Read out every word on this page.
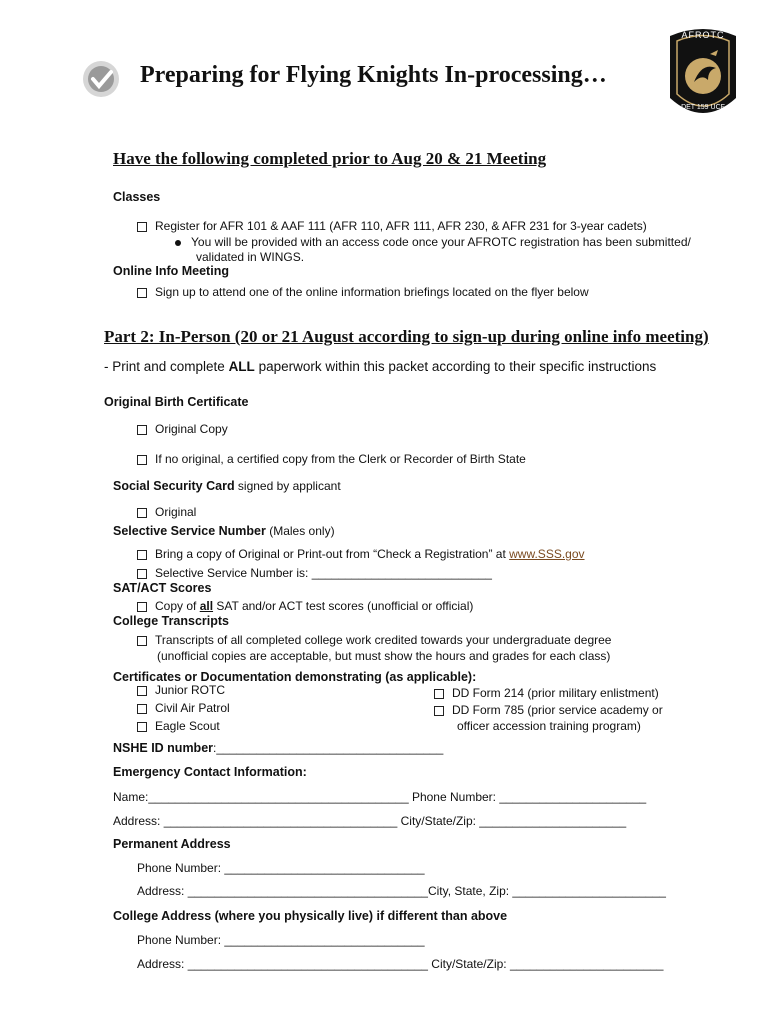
Preparing for Flying Knights In-processing…
AFROTC
DET 159 UCF
Have the following completed prior to Aug 20 & 21 Meeting
Classes
Register for AFR 101 & AAF 111 (AFR 110, AFR 111, AFR 230, & AFR 231 for 3-year cadets)
You will be provided with an access code once your AFROTC registration has been submitted/
validated in WINGS.
Online Info Meeting
Sign up to attend one of the online information briefings located on the flyer below
Part 2: In-Person (20 or 21 August according to sign-up during online info meeting)
- Print and complete ALL paperwork within this packet according to their specific instructions
Original Birth Certificate
Original Copy
If no original, a certified copy from the Clerk or Recorder of Birth State
Social Security Card signed by applicant
Original
Selective Service Number (Males only)
Bring a copy of Original or Print-out from “Check a Registration” at www.SSS.gov
Selective Service Number is: ___________________________
SAT/ACT Scores
Copy of all SAT and/or ACT test scores (unofficial or official)
College Transcripts
Transcripts of all completed college work credited towards your undergraduate degree
(unofficial copies are acceptable, but must show the hours and grades for each class)
Certificates or Documentation demonstrating (as applicable):
Junior ROTC
Civil Air Patrol
Eagle Scout
DD Form 214 (prior military enlistment)
DD Form 785 (prior service academy or
officer accession training program)
NSHE ID number:__________________________________
Emergency Contact Information:
Name:_______________________________________ Phone Number: ______________________
Address: ___________________________________ City/State/Zip: ______________________
Permanent Address
Phone Number: ______________________________
Address: ____________________________________City, State, Zip: _______________________
College Address (where you physically live) if different than above
Phone Number: ______________________________
Address: ____________________________________ City/State/Zip: _______________________
